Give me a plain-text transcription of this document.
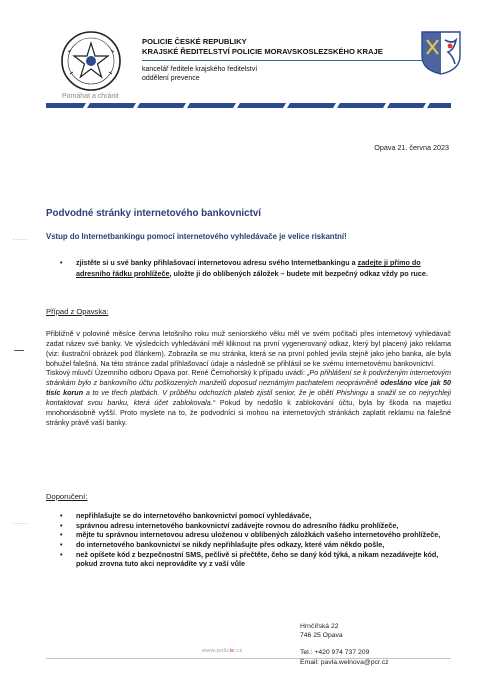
Pomáhat a chránit
POLICIE ČESKÉ REPUBLIKY
KRAJSKÉ ŘEDITELSTVÍ POLICIE MORAVSKOSLEZSKÉHO KRAJE
kancelář ředitele krajského ředitelství
oddělení prevence
Opava 21. června 2023
Podvodné stránky internetového bankovnictví
Vstup do Internetbankingu pomocí internetového vyhledávače je velice riskantní!
.....
.....
• zjistěte si u své banky přihlašovací internetovou adresu svého Internetbankingu a zadejte ji přímo do adresního řádku prohlížeče, uložte ji do oblíbených záložek – budete mít bezpečný odkaz vždy po ruce.
Případ z Opavska:

Přibližně v polovině měsíce června letošního roku muž seniorského věku měl ve svém počítači přes internetový vyhledávač zadat název své banky. Ve výsledcích vyhledávání měl kliknout na první vygenerovaný odkaz, který byl placený jako reklama (viz: ilustrační obrázek pod článkem). Zobrazila se mu stránka, která se na první pohled jevila stejně jako jeho banka, ale byla bohužel falešná. Na této stránce zadal přihlašovací údaje a následně se přihlásil se ke svému internetovému bankovnictví.

Tiskový mluvčí Územního odboru Opava por. René Černohorský k případu uvádí: „Po přihlášení se k podvrženým internetovým stránkám bylo z bankovního účtu poškozených manželů doposud neznámým pachatelem neoprávněně odesláno více jak 50 tisíc korun a to ve třech platbách. V průběhu odchozích plateb zjistil senior, že je obětí Phishingu a snažil se co nejrychleji kontaktovat svou banku, která účet zablokovala.“ Pokud by nedošlo k zablokování účtu, byla by škoda na majetku mnohonásobně vyšší. Proto myslete na to, že podvodníci si mohou na internetových stránkách zaplatit reklamu na falešné stránky právě vaší banky.

Doporučení:
• nepřihlašujte se do internetového bankovnictví pomocí vyhledávače,
• správnou adresu internetového bankovnictví zadávejte rovnou do adresního řádku prohlížeče,
• mějte tu správnou internetovou adresu uloženou v oblíbených záložkách vašeho internetového prohlížeče,
• do internetového bankovnictví se nikdy nepřihlašujte přes odkazy, které vám někdo pošle,
• než opíšete kód z bezpečnostní SMS, pečlivě si přečtěte, čeho se daný kód týká, a nikam nezadávejte kód, pokud zrovna tuto akci neprovádíte vy z vaší vůle
Hrnčířská 22
746 25 Opava
Tel.: +420 974 737 209
Email: pavla.welnova@pcr.cz
www.policie.cz
